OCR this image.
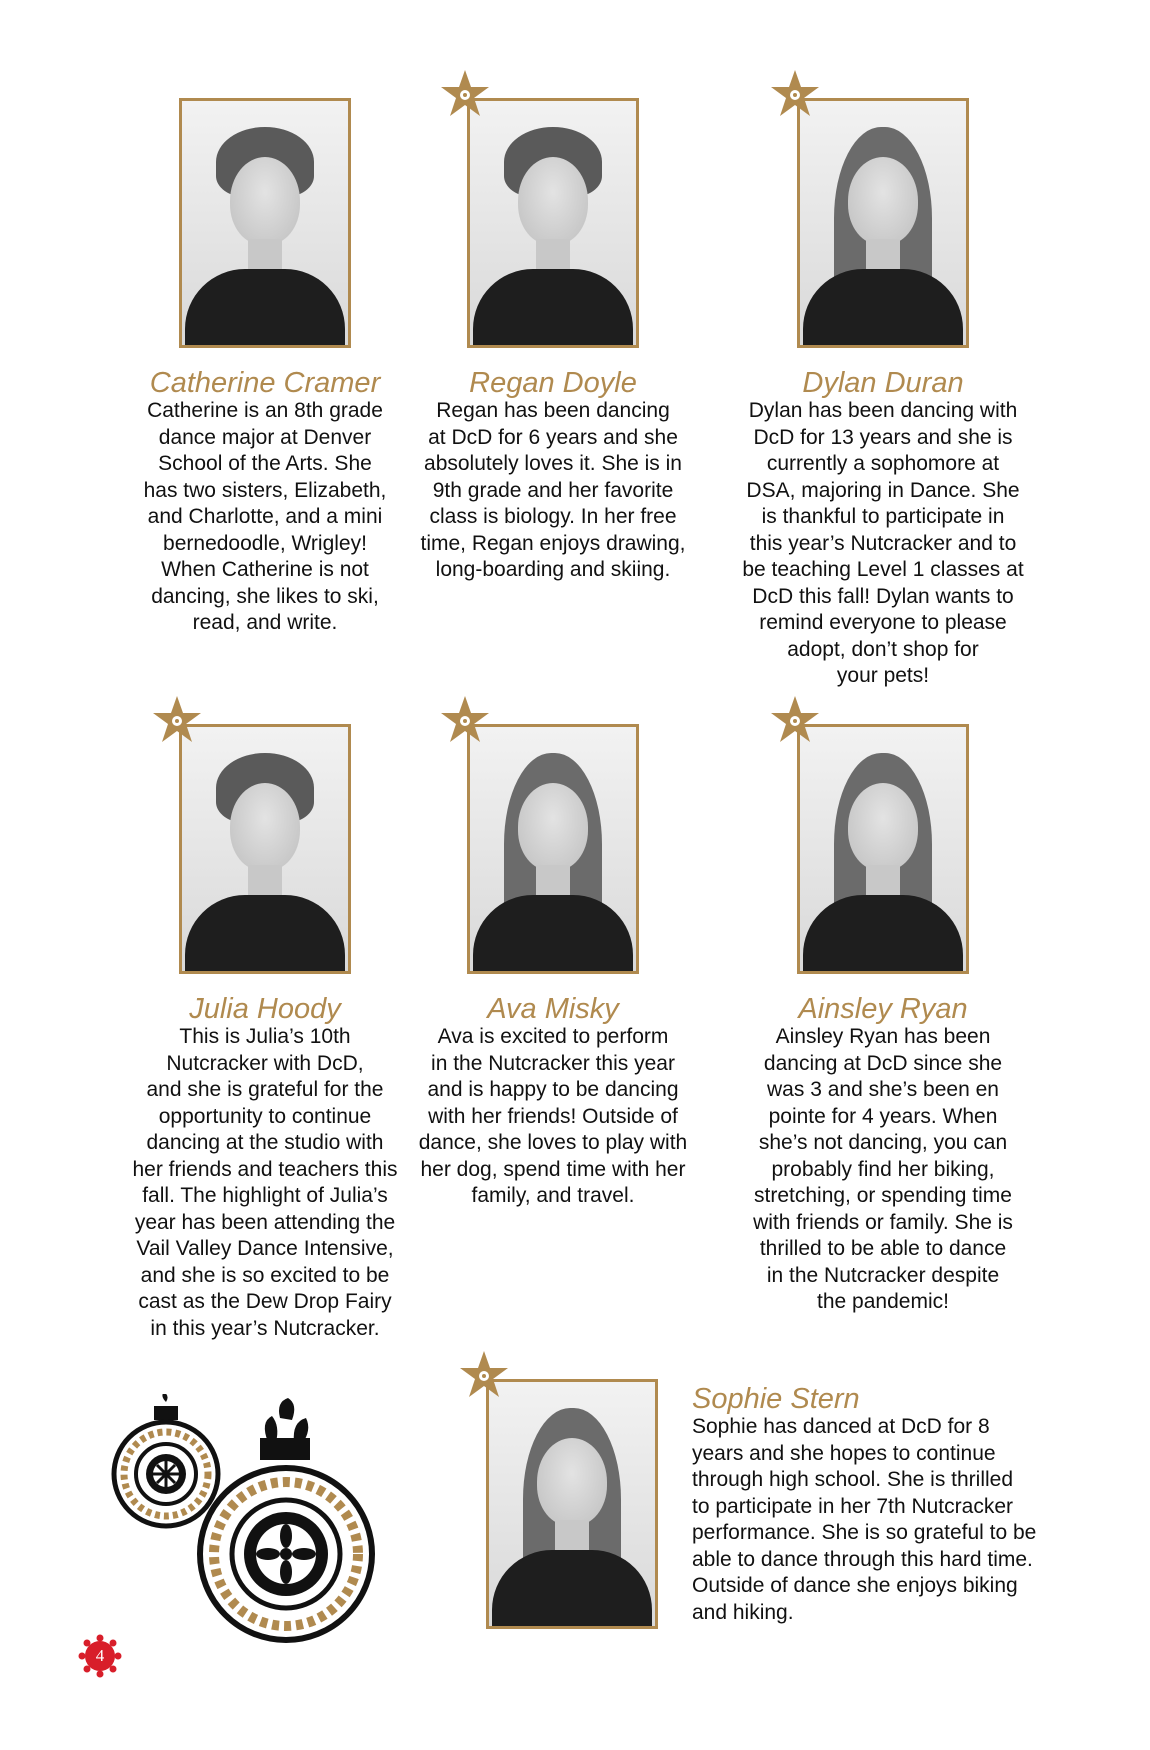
Catherine Cramer
Catherine is an 8th grade
dance major at Denver
School of the Arts. She
has two sisters, Elizabeth,
and Charlotte, and a mini
bernedoodle, Wrigley!
When Catherine is not
dancing, she likes to ski,
read, and write.
Regan Doyle
Regan has been dancing
at DcD for 6 years and she
absolutely loves it. She is in
9th grade and her favorite
class is biology. In her free
time, Regan enjoys drawing,
long-boarding and skiing.
Dylan Duran
Dylan has been dancing with
DcD for 13 years and she is
currently a sophomore at
DSA, majoring in Dance. She
is thankful to participate in
this year’s Nutcracker and to
be teaching Level 1 classes at
DcD this fall! Dylan wants to
remind everyone to please
adopt, don’t shop for
your pets!
Julia Hoody
This is Julia’s 10th
Nutcracker with DcD,
and she is grateful for the
opportunity to continue
dancing at the studio with
her friends and teachers this
fall. The highlight of Julia’s
year has been attending the
Vail Valley Dance Intensive,
and she is so excited to be
cast as the Dew Drop Fairy
in this year’s Nutcracker.
Ava Misky
Ava is excited to perform
in the Nutcracker this year
and is happy to be dancing
with her friends! Outside of
dance, she loves to play with
her dog, spend time with her
family, and travel.
Ainsley Ryan
Ainsley Ryan has been
dancing at DcD since she
was 3 and she’s been en
pointe for 4 years. When
she’s not dancing, you can
probably find her biking,
stretching, or spending time
with friends or family. She is
thrilled to be able to dance
in the Nutcracker despite
the pandemic!
Sophie Stern
Sophie has danced at DcD for 8
years and she hopes to continue
through high school. She is thrilled
to participate in her 7th Nutcracker
performance. She is so grateful to be
able to dance through this hard time.
Outside of dance she enjoys biking
and hiking.
4
